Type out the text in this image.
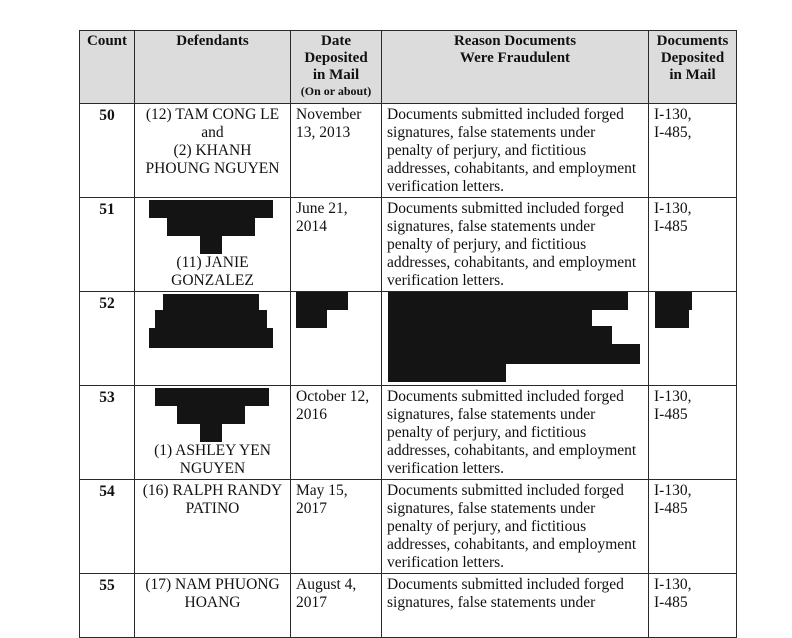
Count	Defendants	Date
Deposited
in Mail
(On or about)	Reason Documents
Were Fraudulent	Documents
Deposited
in Mail

50	(12) TAM CONG LE
and
(2) KHANH
PHOUNG NGUYEN	November
13, 2013	Documents submitted included forged
signatures, false statements under
penalty of perjury, and fictitious
addresses, cohabitants, and employment
verification letters.	I-130,
I-485,

51	(11) JANIE
GONZALEZ	June 21,
2014	Documents submitted included forged
signatures, false statements under
penalty of perjury, and fictitious
addresses, cohabitants, and employment
verification letters.	I-130,
I-485

52	

53	(1) ASHLEY YEN
NGUYEN	October 12,
2016	Documents submitted included forged
signatures, false statements under
penalty of perjury, and fictitious
addresses, cohabitants, and employment
verification letters.	I-130,
I-485

54	(16) RALPH RANDY
PATINO	May 15,
2017	Documents submitted included forged
signatures, false statements under
penalty of perjury, and fictitious
addresses, cohabitants, and employment
verification letters.	I-130,
I-485

55	(17) NAM PHUONG
HOANG	August 4,
2017	Documents submitted included forged
signatures, false statements under	I-130,
I-485
